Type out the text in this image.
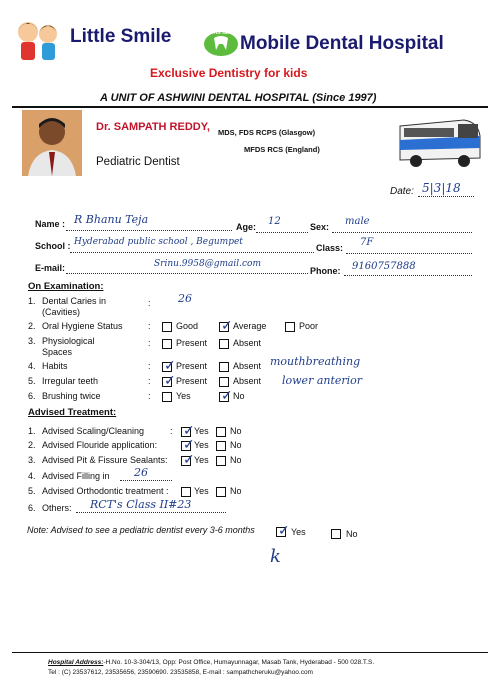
Little Smile	LITTLE SMILE
Mobile Dental Hospital
Exclusive Dentistry for kids
A UNIT OF ASHWINI DENTAL HOSPITAL (Since 1997)
Dr. SAMPATH REDDY, MDS, FDS RCPS (Glasgow)
MFDS RCS (England)
Pediatric Dentist
Date: 5|3|18
Name : R Bhanu Teja
Age: 12	Sex: male
School : Hyderabad public school , Begumpet
Class: 7F
E-mail:	Srinu.9958@gmail.com
Phone: 9160757888
On Examination:
1. Dental Caries in
(Cavities)
: 26
2. Oral Hygiene Status	:	Good ✓	Average	Poor
3. Physiological
Spaces
:	Present	Absent
4. Habits	: ✓	Present	Absent mouthbreathing
5. Irregular teeth	: ✓	Present	Absent lower anterior
6. Brushing twice	:	Yes ✓	No
Advised Treatment:
1. Advised Scaling/Cleaning	: ✓ Yes No
2. Advised Flouride application: ✓	Yes No
3. Advised Pit & Fissure Sealants: ✓	Yes No
4. Advised Filling in 26
5. Advised Orthodontic treatment :	Yes No
6. Others: RCT's Class II#23
Note: Advised to see a pediatric dentist every 3-6 months ✓	Yes	No
k
Hospital Address:-H.No. 10-3-304/13, Opp: Post Office, Humayunnagar, Masab Tank, Hyderabad - 500 028.T.S.
Tel : (C) 23537612, 23535656, 23590690. 23535858, E-mail : sampathcheruku@yahoo.com
